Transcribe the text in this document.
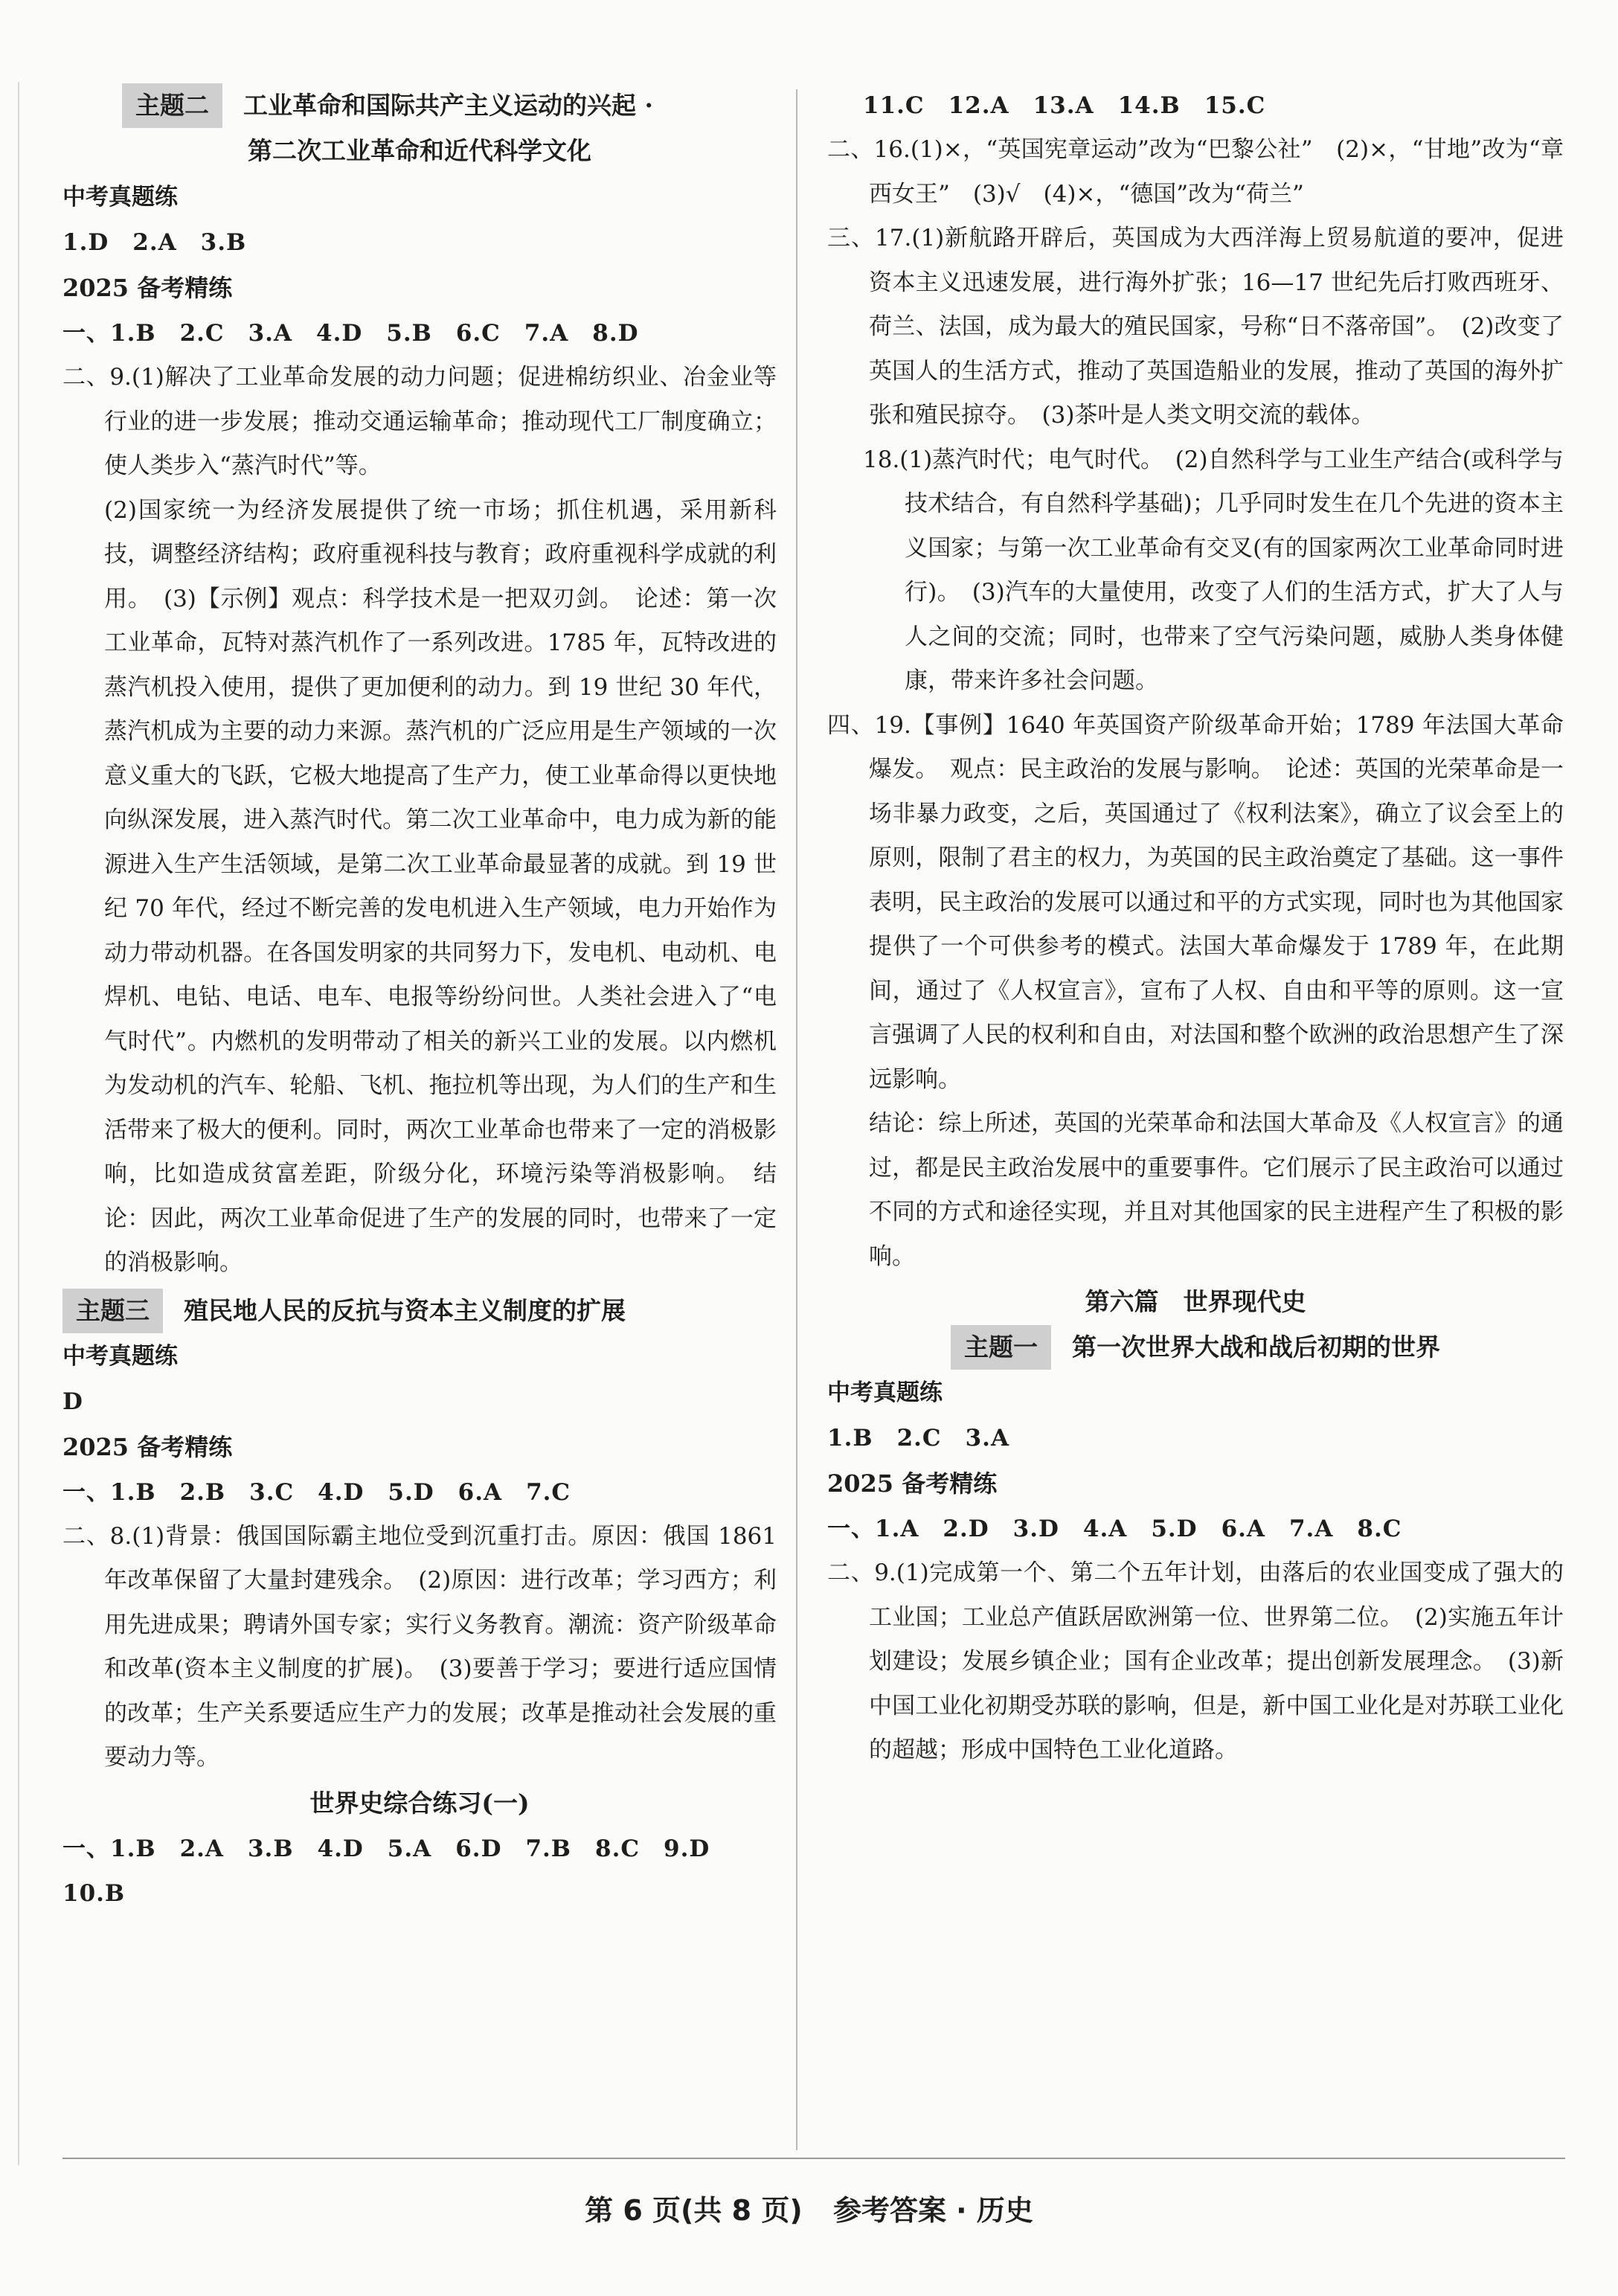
主题二	工业革命和国际共产主义运动的兴起 ·
第二次工业革命和近代科学文化
中考真题练
1.D　2.A　3.B
2025 备考精练
一、1.B　2.C　3.A　4.D　5.B　6.C　7.A　8.D

二、9.(1)解决了工业革命发展的动力问题；促进棉纺织业、冶金业等行业的进一步发展；推动交通运输革命；推动现代工厂制度确立；使人类步入“蒸汽时代”等。

(2)国家统一为经济发展提供了统一市场；抓住机遇，采用新科技，调整经济结构；政府重视科技与教育；政府重视科学成就的利用。　(3)【示例】观点：科学技术是一把双刃剑。　论述：第一次工业革命，瓦特对蒸汽机作了一系列改进。1785 年，瓦特改进的蒸汽机投入使用，提供了更加便利的动力。到 19 世纪 30 年代，蒸汽机成为主要的动力来源。蒸汽机的广泛应用是生产领域的一次意义重大的飞跃，它极大地提高了生产力，使工业革命得以更快地向纵深发展，进入蒸汽时代。第二次工业革命中，电力成为新的能源进入生产生活领域，是第二次工业革命最显著的成就。到 19 世纪 70 年代，经过不断完善的发电机进入生产领域，电力开始作为动力带动机器。在各国发明家的共同努力下，发电机、电动机、电焊机、电钻、电话、电车、电报等纷纷问世。人类社会进入了“电气时代”。内燃机的发明带动了相关的新兴工业的发展。以内燃机为发动机的汽车、轮船、飞机、拖拉机等出现，为人们的生产和生活带来了极大的便利。同时，两次工业革命也带来了一定的消极影响，比如造成贫富差距，阶级分化，环境污染等消极影响。　结论：因此，两次工业革命促进了生产的发展的同时，也带来了一定的消极影响。

主题三	殖民地人民的反抗与资本主义制度的扩展
中考真题练
D
2025 备考精练
一、1.B　2.B　3.C　4.D　5.D　6.A　7.C

二、8.(1)背景：俄国国际霸主地位受到沉重打击。原因：俄国 1861 年改革保留了大量封建残余。　(2)原因：进行改革；学习西方；利用先进成果；聘请外国专家；实行义务教育。潮流：资产阶级革命和改革(资本主义制度的扩展)。　(3)要善于学习；要进行适应国情的改革；生产关系要适应生产力的发展；改革是推动社会发展的重要动力等。

世界史综合练习(一)
一、1.B　2.A　3.B　4.D　5.A　6.D　7.B　8.C　9.D　10.B
11.C　12.A　13.A　14.B　15.C

二、16.(1)×，“英国宪章运动”改为“巴黎公社”　(2)×，“甘地”改为“章西女王”　(3)√　(4)×，“德国”改为“荷兰”

三、17.(1)新航路开辟后，英国成为大西洋海上贸易航道的要冲，促进资本主义迅速发展，进行海外扩张；16—17 世纪先后打败西班牙、荷兰、法国，成为最大的殖民国家，号称“日不落帝国”。　(2)改变了英国人的生活方式，推动了英国造船业的发展，推动了英国的海外扩张和殖民掠夺。　(3)茶叶是人类文明交流的载体。

18.(1)蒸汽时代；电气时代。　(2)自然科学与工业生产结合(或科学与技术结合，有自然科学基础)；几乎同时发生在几个先进的资本主义国家；与第一次工业革命有交叉(有的国家两次工业革命同时进行)。　(3)汽车的大量使用，改变了人们的生活方式，扩大了人与人之间的交流；同时，也带来了空气污染问题，威胁人类身体健康，带来许多社会问题。

四、19.【事例】1640 年英国资产阶级革命开始；1789 年法国大革命爆发。　观点：民主政治的发展与影响。　论述：英国的光荣革命是一场非暴力政变，之后，英国通过了《权利法案》，确立了议会至上的原则，限制了君主的权力，为英国的民主政治奠定了基础。这一事件表明，民主政治的发展可以通过和平的方式实现，同时也为其他国家提供了一个可供参考的模式。法国大革命爆发于 1789 年，在此期间，通过了《人权宣言》，宣布了人权、自由和平等的原则。这一宣言强调了人民的权利和自由，对法国和整个欧洲的政治思想产生了深远影响。

结论：综上所述，英国的光荣革命和法国大革命及《人权宣言》的通过，都是民主政治发展中的重要事件。它们展示了民主政治可以通过不同的方式和途径实现，并且对其他国家的民主进程产生了积极的影响。

第六篇　世界现代史
主题一	第一次世界大战和战后初期的世界
中考真题练
1.B　2.C　3.A
2025 备考精练
一、1.A　2.D　3.D　4.A　5.D　6.A　7.A　8.C

二、9.(1)完成第一个、第二个五年计划，由落后的农业国变成了强大的工业国；工业总产值跃居欧洲第一位、世界第二位。　(2)实施五年计划建设；发展乡镇企业；国有企业改革；提出创新发展理念。　(3)新中国工业化初期受苏联的影响，但是，新中国工业化是对苏联工业化的超越；形成中国特色工业化道路。

第 6 页(共 8 页) 参考答案 · 历史
